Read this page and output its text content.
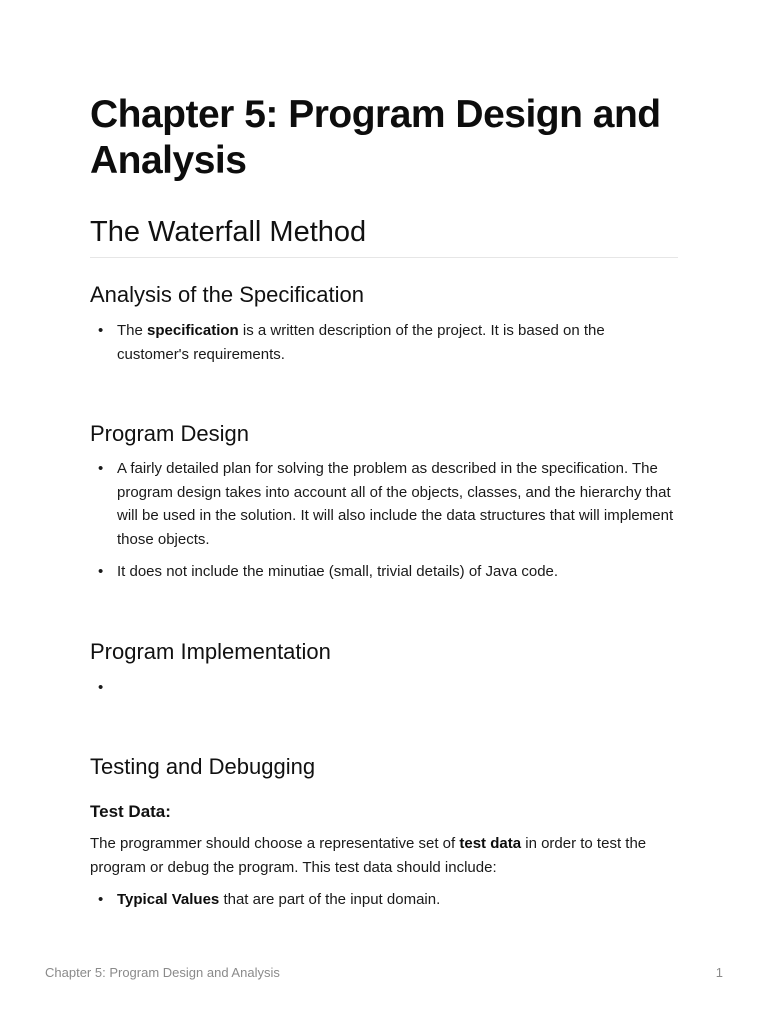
Chapter 5: Program Design and Analysis
The Waterfall Method
Analysis of the Specification
• The specification is a written description of the project. It is based on the customer's requirements.
Program Design
• A fairly detailed plan for solving the problem as described in the specification. The program design takes into account all of the objects, classes, and the hierarchy that will be used in the solution. It will also include the data structures that will implement those objects.
• It does not include the minutiae (small, trivial details) of Java code.
Program Implementation
•

Testing and Debugging
Test Data:

The programmer should choose a representative set of test data in order to test the program or debug the program. This test data should include:

• Typical Values that are part of the input domain.
Chapter 5: Program Design and Analysis	1
